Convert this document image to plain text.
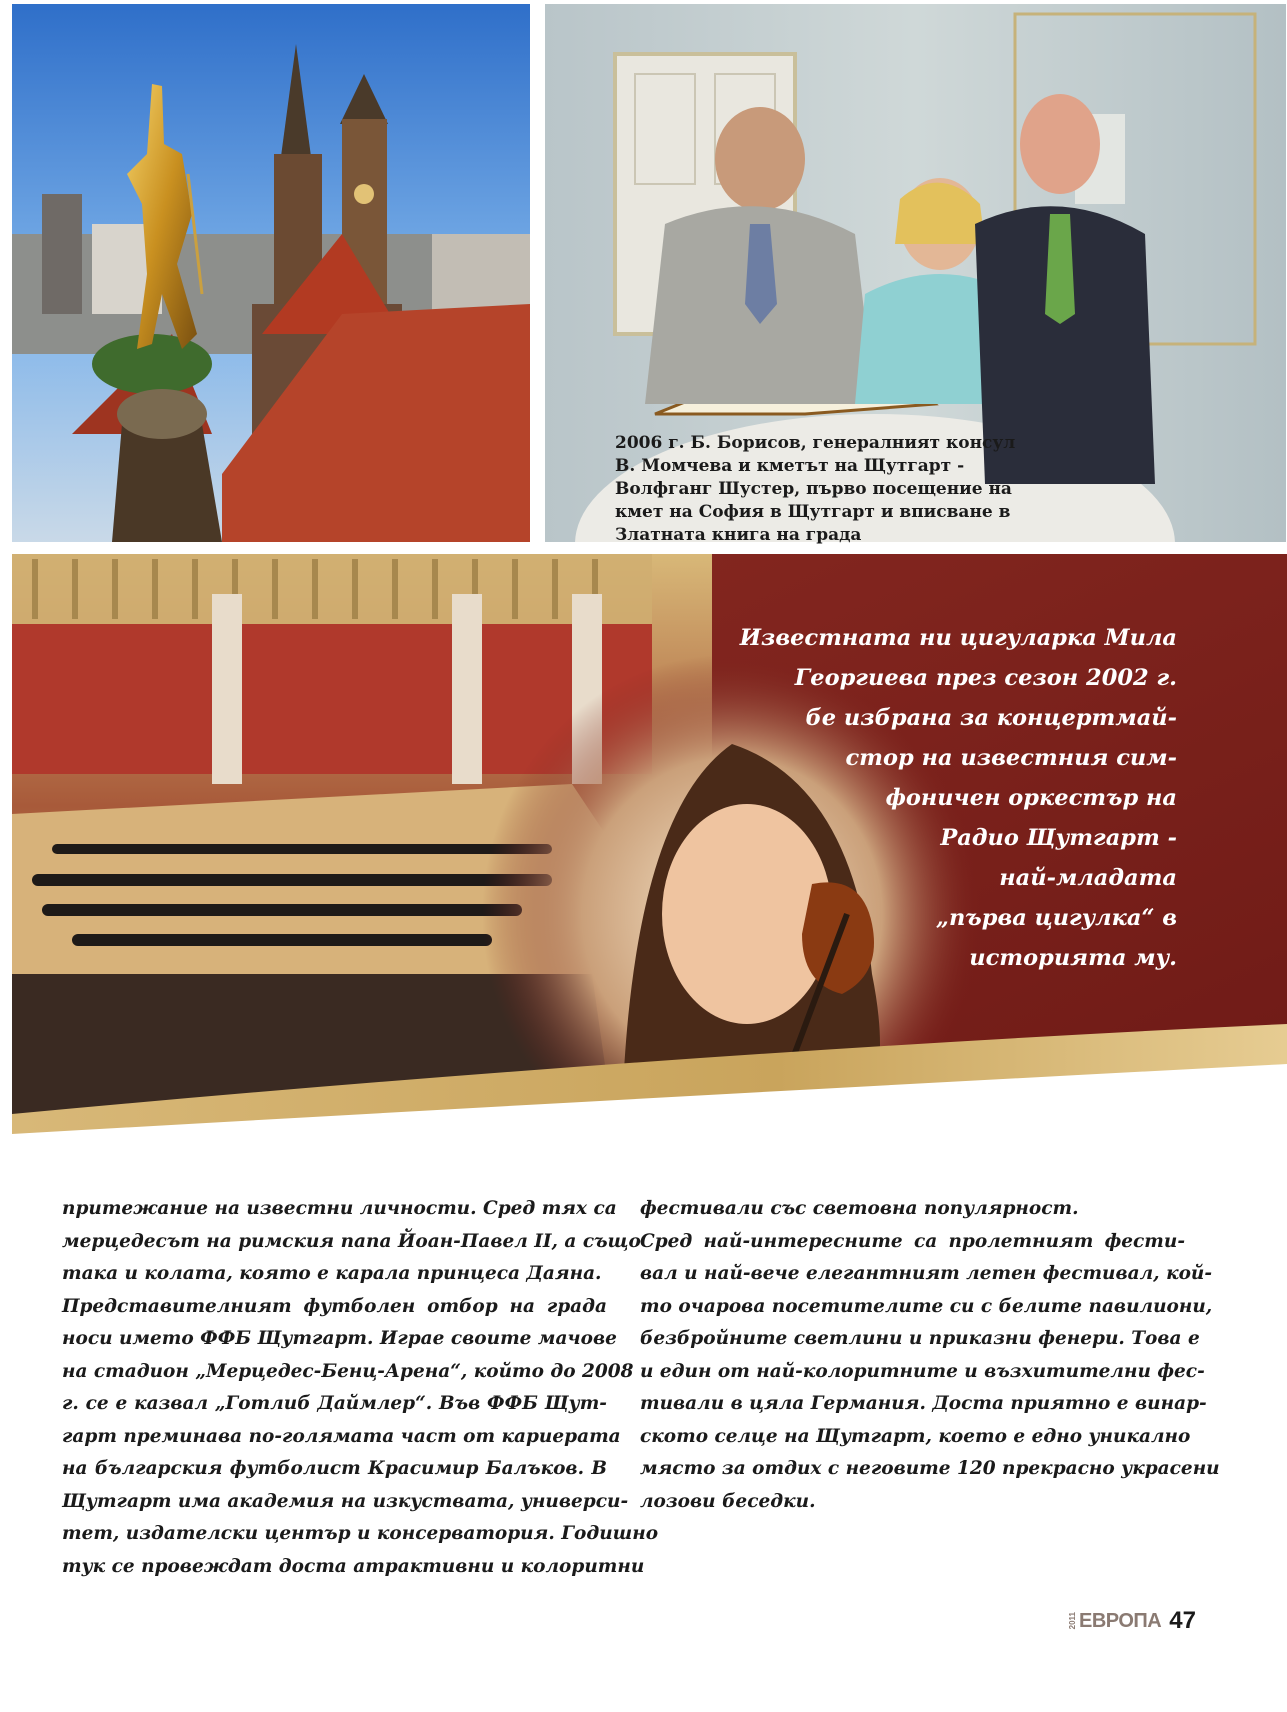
2006 г. Б. Борисов, генералният консул
В. Момчева и кметът на Щутгарт -
Волфганг Шустер, първо посещение на
кмет на София в Щутгарт и вписване в
Златната книга на града
Известната ни цигуларка Мила
Георгиева през сезон 2002 г.
бе избрана за концертмай-
стор на известния сим-
фоничен оркестър на
Радио Щутгарт -
най-младата
„първа цигулка“ в
историята му.
притежание на известни личности. Сред тях са
мерцедесът на римския папа Йоан-Павел II, а също
така и колата, която е карала принцеса Даяна.
Представителният футболен отбор на града
носи името ФФБ Щутгарт. Играе своите мачове
на стадион „Мерцедес-Бенц-Арена“, който до 2008
г. се е казвал „Готлиб Даймлер“. Във ФФБ Щут-
гарт преминава по-голямата част от кариерата
на българския футболист Красимир Балъков. В
Щутгарт има академия на изкуствата, универси-
тет, издателски център и консерватория. Годишно
тук се провеждат доста атрактивни и колоритни
фестивали със световна популярност.
Сред най-интересните са пролетният фести-
вал и най-вече елегантният летен фестивал, кой-
то очарова посетителите си с белите павилиони,
безбройните светлини и приказни фенери. Това е
и един от най-колоритните и възхитителни фес-
тивали в цяла Германия. Доста приятно е винар-
ското селце на Щутгарт, което е едно уникално
място за отдих с неговите 120 прекрасно украсени
лозови беседки.
2011 ЕВРОПА 47
